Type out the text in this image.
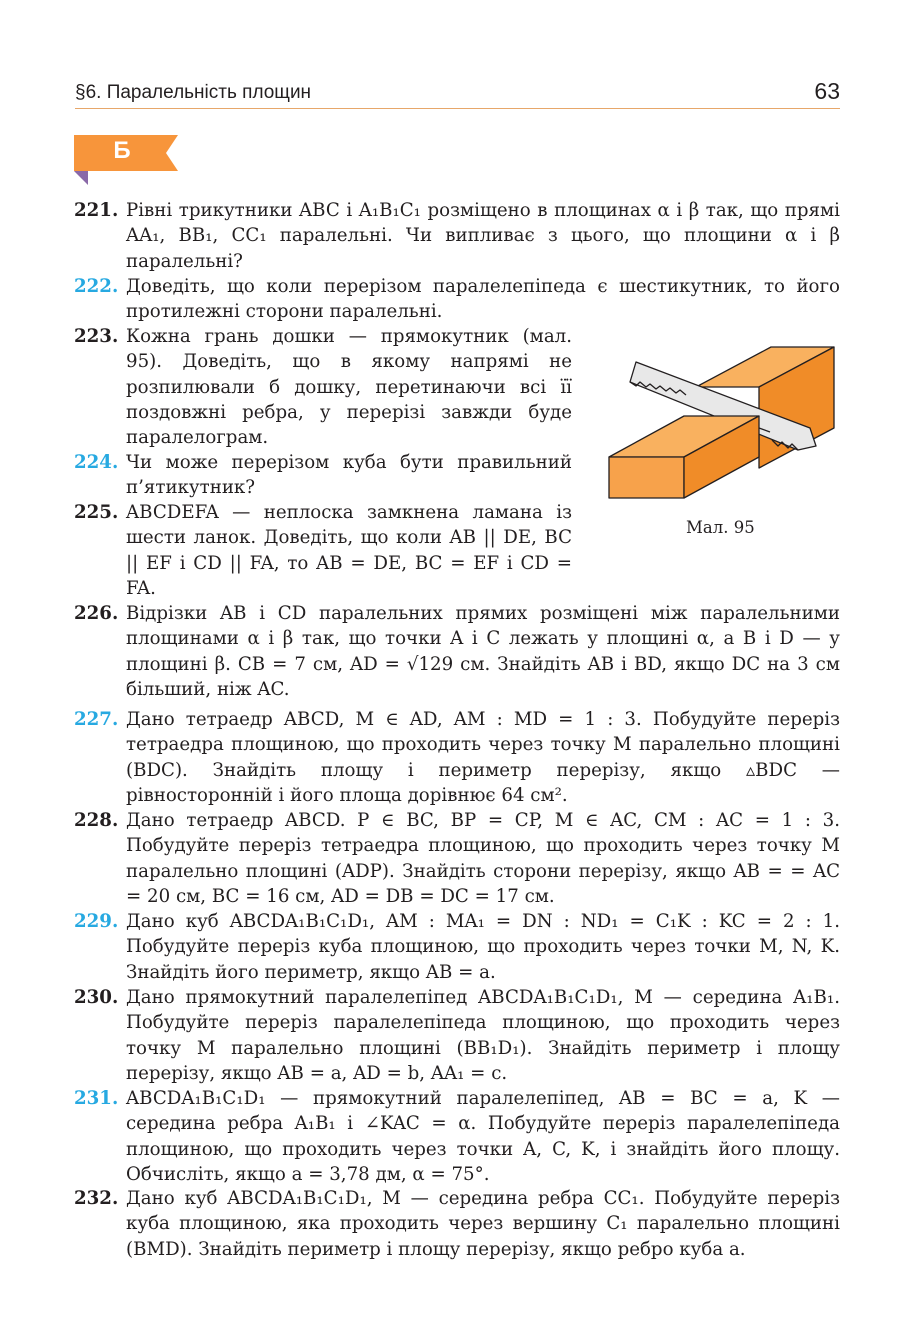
§6. Паралельність площин	63
Б
221. Рівні трикутники ABC і A₁B₁C₁ розміщено в площинах α і β так, що прямі AA₁, BB₁, CC₁ паралельні. Чи випливає з цього, що площини α і β паралельні?
222. Доведіть, що коли перерізом паралелепіпеда є шестикутник, то його протилежні сторони паралельні.
223. Кожна грань дошки — прямокутник (мал. 95). Доведіть, що в якому напрямі не розпилювали б дошку, перетинаючи всі її поздовжні ребра, у перерізі завжди буде паралелограм.
224. Чи може перерізом куба бути правильний п’ятикутник?
225. ABCDEFA — неплоска замкнена ламана із шести ланок. Доведіть, що коли AB || DE, BC || EF і CD || FA, то AB = DE, BC = EF і CD = FA.
226. Відрізки AB і CD паралельних прямих розміщені між паралельними площинами α і β так, що точки A і C лежать у площині α, а B і D — у площині β. CB = 7 см, AD = √129 см. Знайдіть AB і BD, якщо DC на 3 см більший, ніж AC.
227. Дано тетраедр ABCD, M ∈ AD, AM : MD = 1 : 3. Побудуйте переріз тетраедра площиною, що проходить через точку M паралельно площині (BDC). Знайдіть площу і периметр перерізу, якщо ▵BDC — рівносторонній і його площа дорівнює 64 см².
228. Дано тетраедр ABCD. P ∈ BC, BP = CP, M ∈ AC, CM : AC = 1 : 3. Побудуйте переріз тетраедра площиною, що проходить через точку M паралельно площині (ADP). Знайдіть сторони перерізу, якщо AB = = AC = 20 см, BC = 16 см, AD = DB = DC = 17 см.
229. Дано куб ABCDA₁B₁C₁D₁, AM : MA₁ = DN : ND₁ = C₁K : KC = 2 : 1. Побудуйте переріз куба площиною, що проходить через точки M, N, K. Знайдіть його периметр, якщо AB = a.
230. Дано прямокутний паралелепіпед ABCDA₁B₁C₁D₁, M — середина A₁B₁. Побудуйте переріз паралелепіпеда площиною, що проходить через точку M паралельно площині (BB₁D₁). Знайдіть периметр і площу перерізу, якщо AB = a, AD = b, AA₁ = c.
231. ABCDA₁B₁C₁D₁ — прямокутний паралелепіпед, AB = BC = a, K — середина ребра A₁B₁ і ∠KAC = α. Побудуйте переріз паралелепіпеда площиною, що проходить через точки A, C, K, і знайдіть його площу. Обчисліть, якщо a = 3,78 дм, α = 75°.
232. Дано куб ABCDA₁B₁C₁D₁, M — середина ребра CC₁. Побудуйте переріз куба площиною, яка проходить через вершину C₁ паралельно площині (BMD). Знайдіть периметр і площу перерізу, якщо ребро куба a.
Мал. 95
